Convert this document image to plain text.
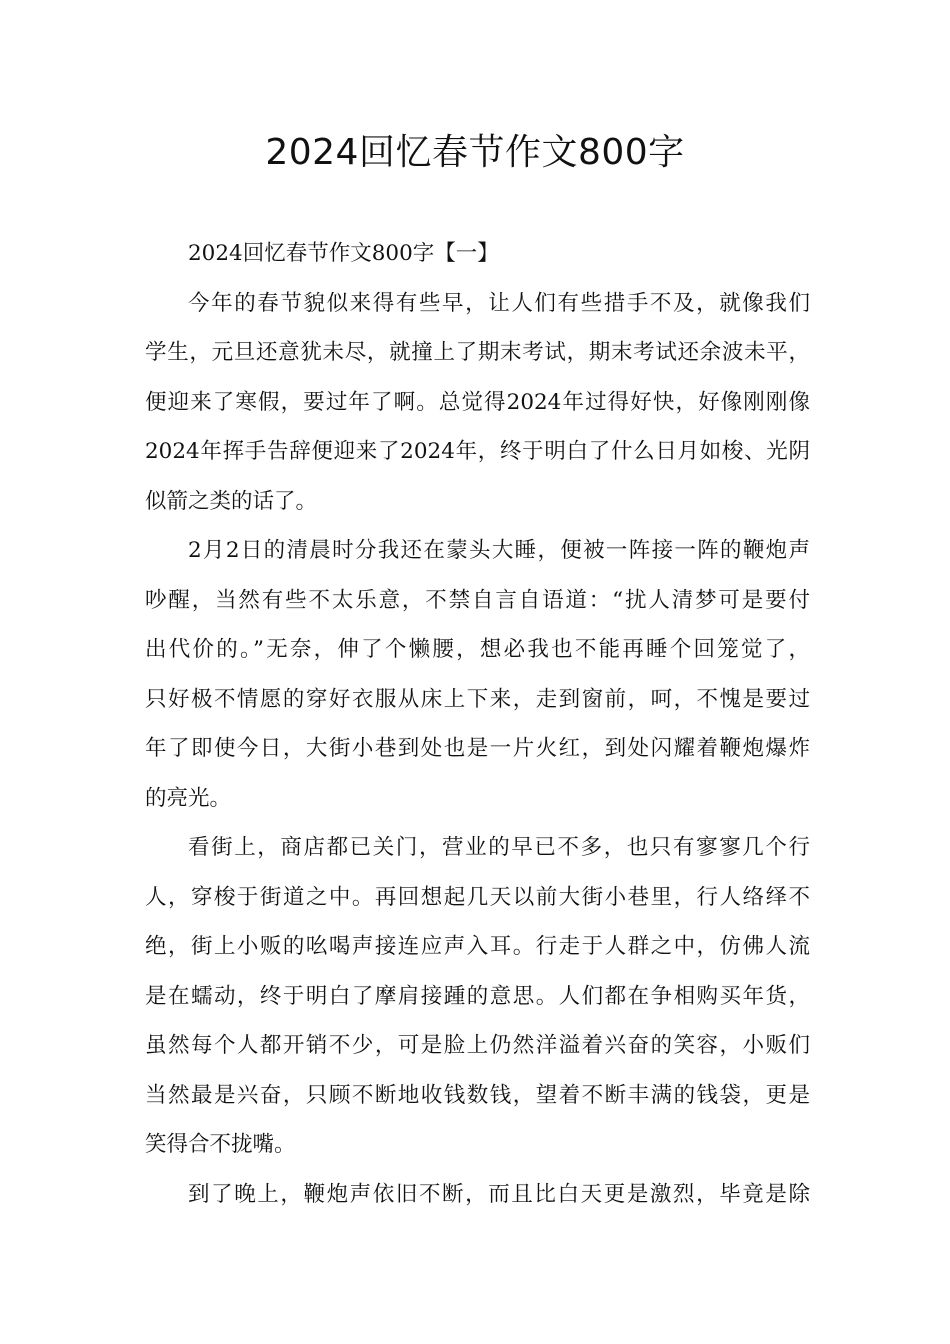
2024回忆春节作文800字
2024回忆春节作文800字【一】
今年的春节貌似来得有些早，让人们有些措手不及，就像我们
学生，元旦还意犹未尽，就撞上了期末考试，期末考试还余波未平，
便迎来了寒假，要过年了啊。总觉得2024年过得好快，好像刚刚像
2024年挥手告辞便迎来了2024年，终于明白了什么日月如梭、光阴
似箭之类的话了。
2月2日的清晨时分我还在蒙头大睡，便被一阵接一阵的鞭炮声
吵醒，当然有些不太乐意，不禁自言自语道：“扰人清梦可是要付
出代价的。”无奈，伸了个懒腰，想必我也不能再睡个回笼觉了，
只好极不情愿的穿好衣服从床上下来，走到窗前，呵，不愧是要过
年了即使今日，大街小巷到处也是一片火红，到处闪耀着鞭炮爆炸
的亮光。
看街上，商店都已关门，营业的早已不多，也只有寥寥几个行
人，穿梭于街道之中。再回想起几天以前大街小巷里，行人络绎不
绝，街上小贩的吆喝声接连应声入耳。行走于人群之中，仿佛人流
是在蠕动，终于明白了摩肩接踵的意思。人们都在争相购买年货，
虽然每个人都开销不少，可是脸上仍然洋溢着兴奋的笑容，小贩们
当然最是兴奋，只顾不断地收钱数钱，望着不断丰满的钱袋，更是
笑得合不拢嘴。
到了晚上，鞭炮声依旧不断，而且比白天更是激烈，毕竟是除
